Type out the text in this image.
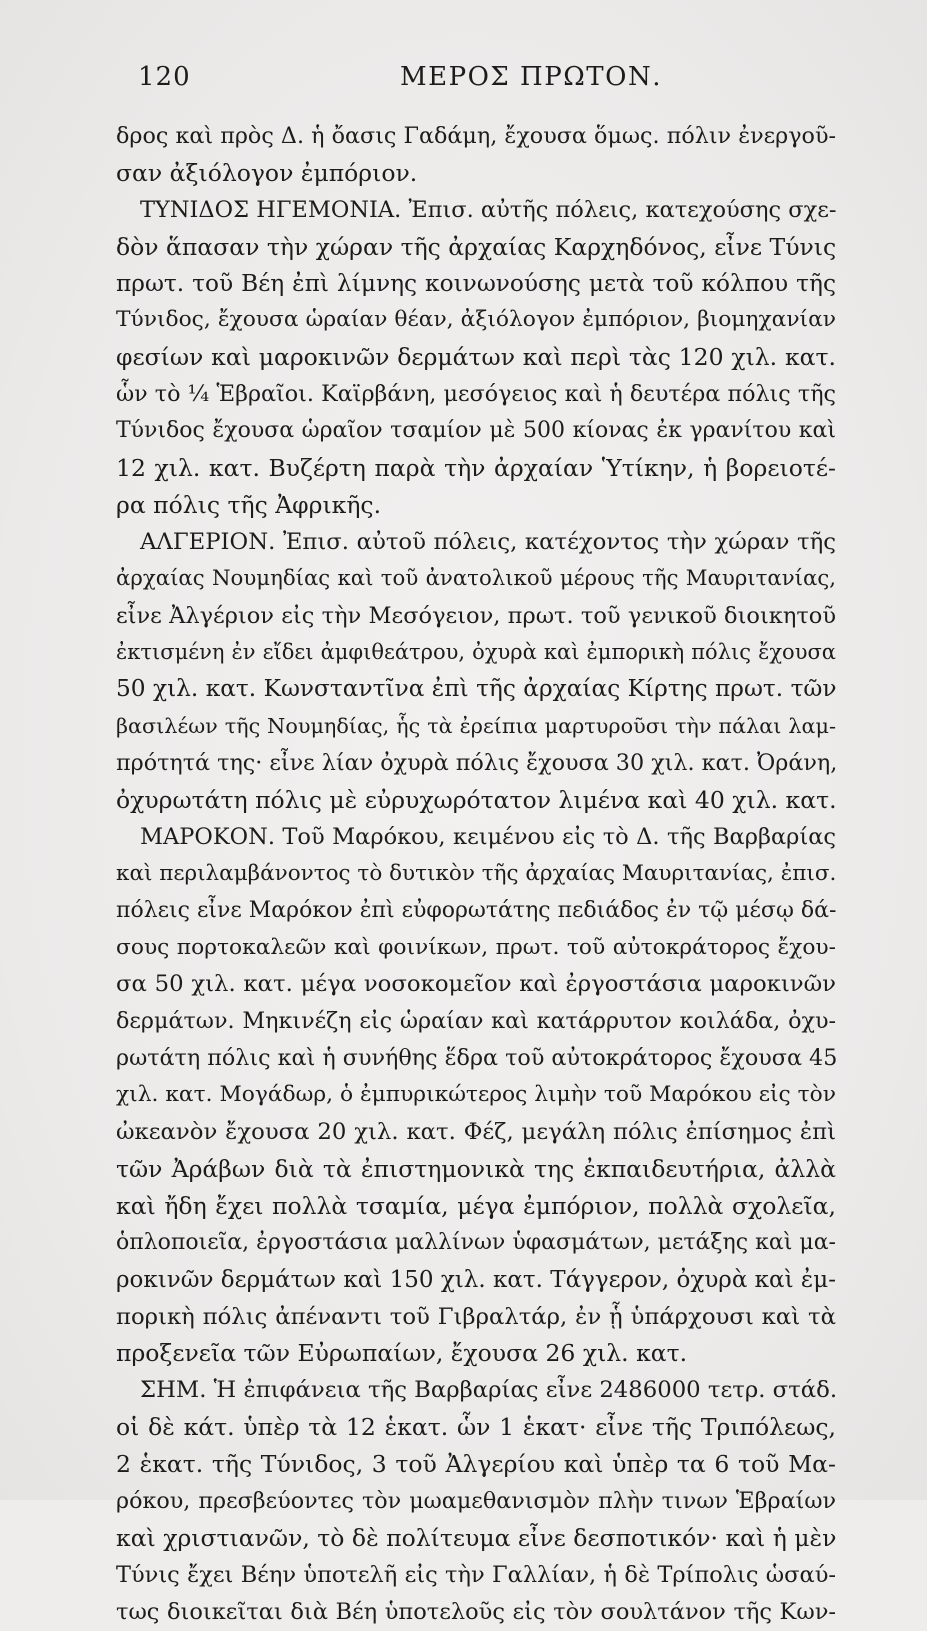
120	ΜΕΡΟΣ ΠΡΩΤΟΝ.
δρος καὶ πρὸς Δ. ἡ ὄασις Γαδάμη, ἔχουσα ὅμως. πόλιν ἐνεργοῦ-
σαν ἀξιόλογον ἐμπόριον.
ΤΥΝΙΔΟΣ ΗΓΕΜΟΝΙΑ. Ἐπισ. αὐτῆς πόλεις, κατεχούσης σχε-
δὸν ἅπασαν τὴν χώραν τῆς ἀρχαίας Καρχηδόνος, εἶνε Τύνις
πρωτ. τοῦ Βέη ἐπὶ λίμνης κοινωνούσης μετὰ τοῦ κόλπου τῆς
Τύνιδος, ἔχουσα ὡραίαν θέαν, ἀξιόλογον ἐμπόριον, βιομηχανίαν
φεσίων καὶ μαροκινῶν δερμάτων καὶ περὶ τὰς 120 χιλ. κατ.
ὧν τὸ ¼ Ἑβραῖοι. Καϊρβάνη, μεσόγειος καὶ ἡ δευτέρα πόλις τῆς
Τύνιδος ἔχουσα ὡραῖον τσαμίον μὲ 500 κίονας ἐκ γρανίτου καὶ
12 χιλ. κατ. Βυζέρτη παρὰ τὴν ἀρχαίαν Ὑτίκην, ἡ βορειοτέ-
ρα πόλις τῆς Ἀφρικῆς.
ΑΛΓΕΡΙΟΝ. Ἐπισ. αὐτοῦ πόλεις, κατέχοντος τὴν χώραν τῆς
ἀρχαίας Νουμηδίας καὶ τοῦ ἀνατολικοῦ μέρους τῆς Μαυριτανίας,
εἶνε Ἀλγέριον εἰς τὴν Μεσόγειον, πρωτ. τοῦ γενικοῦ διοικητοῦ
ἐκτισμένη ἐν εἴδει ἀμφιθεάτρου, ὀχυρὰ καὶ ἐμπορικὴ πόλις ἔχουσα
50 χιλ. κατ. Κωνσταντῖνα ἐπὶ τῆς ἀρχαίας Κίρτης πρωτ. τῶν
βασιλέων τῆς Νουμηδίας, ἧς τὰ ἐρείπια μαρτυροῦσι τὴν πάλαι λαμ-
πρότητά της· εἶνε λίαν ὀχυρὰ πόλις ἔχουσα 30 χιλ. κατ. Ὀράνη,
ὀχυρωτάτη πόλις μὲ εὐρυχωρότατον λιμένα καὶ 40 χιλ. κατ.
ΜΑΡΟΚΟΝ. Τοῦ Μαρόκου, κειμένου εἰς τὸ Δ. τῆς Βαρβαρίας
καὶ περιλαμβάνοντος τὸ δυτικὸν τῆς ἀρχαίας Μαυριτανίας, ἐπισ.
πόλεις εἶνε Μαρόκον ἐπὶ εὐφορωτάτης πεδιάδος ἐν τῷ μέσῳ δά-
σους πορτοκαλεῶν καὶ φοινίκων, πρωτ. τοῦ αὐτοκράτορος ἔχου-
σα 50 χιλ. κατ. μέγα νοσοκομεῖον καὶ ἐργοστάσια μαροκινῶν
δερμάτων. Μηκινέζη εἰς ὡραίαν καὶ κατάρρυτον κοιλάδα, ὀχυ-
ρωτάτη πόλις καὶ ἡ συνήθης ἕδρα τοῦ αὐτοκράτορος ἔχουσα 45
χιλ. κατ. Μογάδωρ, ὁ ἐμπυρικώτερος λιμὴν τοῦ Μαρόκου εἰς τὸν
ὠκεανὸν ἔχουσα 20 χιλ. κατ. Φέζ, μεγάλη πόλις ἐπίσημος ἐπὶ
τῶν Ἀράβων διὰ τὰ ἐπιστημονικὰ της ἐκπαιδευτήρια, ἀλλὰ
καὶ ἤδη ἔχει πολλὰ τσαμία, μέγα ἐμπόριον, πολλὰ σχολεῖα,
ὁπλοποιεῖα, ἐργοστάσια μαλλίνων ὑφασμάτων, μετάξης καὶ μα-
ροκινῶν δερμάτων καὶ 150 χιλ. κατ. Τάγγερον, ὀχυρὰ καὶ ἐμ-
πορικὴ πόλις ἀπέναντι τοῦ Γιβραλτάρ, ἐν ᾗ ὑπάρχουσι καὶ τὰ
προξενεῖα τῶν Εὐρωπαίων, ἔχουσα 26 χιλ. κατ.
ΣΗΜ. Ἡ ἐπιφάνεια τῆς Βαρβαρίας εἶνε 2486000 τετρ. στάδ.
οἱ δὲ κάτ. ὑπὲρ τὰ 12 ἑκατ. ὧν 1 ἑκατ· εἶνε τῆς Τριπόλεως,
2 ἑκατ. τῆς Τύνιδος, 3 τοῦ Ἀλγερίου καὶ ὑπὲρ τα 6 τοῦ Μα-
ρόκου, πρεσβεύοντες τὸν μωαμεθανισμὸν πλὴν τινων Ἑβραίων
καὶ χριστιανῶν, τὸ δὲ πολίτευμα εἶνε δεσποτικόν· καὶ ἡ μὲν
Τύνις ἔχει Βέην ὑποτελῆ εἰς τὴν Γαλλίαν, ἡ δὲ Τρίπολις ὡσαύ-
τως διοικεῖται διὰ Βέη ὑποτελοῦς εἰς τὸν σουλτάνον τῆς Κων-
